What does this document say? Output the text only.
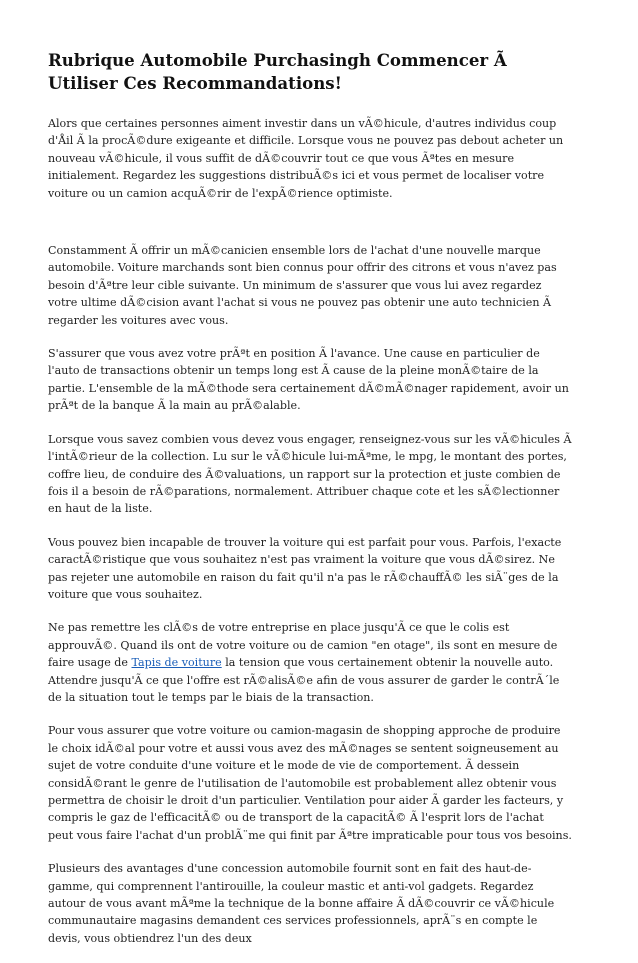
Rubrique Automobile Purchasingh Commencer Ã Utiliser Ces Recommandations!

Alors que certaines personnes aiment investir dans un vÃ©hicule, d'autres individus coup d'Åil Ã la procÃ©dure exigeante et difficile. Lorsque vous ne pouvez pas debout acheter un nouveau vÃ©hicule, il vous suffit de dÃ©couvrir tout ce que vous Ãªtes en mesure initialement. Regardez les suggestions distribuÃ©s ici et vous permet de localiser votre voiture ou un camion acquÃ©rir de l'expÃ©rience optimiste.

Constamment Ã offrir un mÃ©canicien ensemble lors de l'achat d'une nouvelle marque automobile. Voiture marchands sont bien connus pour offrir des citrons et vous n'avez pas besoin d'Ãªtre leur cible suivante. Un minimum de s'assurer que vous lui avez regardez votre ultime dÃ©cision avant l'achat si vous ne pouvez pas obtenir une auto technicien Ã regarder les voitures avec vous.

S'assurer que vous avez votre prÃªt en position Ã l'avance. Une cause en particulier de l'auto de transactions obtenir un temps long est Ã cause de la pleine monÃ©taire de la partie. L'ensemble de la mÃ©thode sera certainement dÃ©mÃ©nager rapidement, avoir un prÃªt de la banque Ã la main au prÃ©alable.

Lorsque vous savez combien vous devez vous engager, renseignez-vous sur les vÃ©hicules Ã l'intÃ©rieur de la collection. Lu sur le vÃ©hicule lui-mÃªme, le mpg, le montant des portes, coffre lieu, de conduire des Ã©valuations, un rapport sur la protection et juste combien de fois il a besoin de rÃ©parations, normalement. Attribuer chaque cote et les sÃ©lectionner en haut de la liste.

Vous pouvez bien incapable de trouver la voiture qui est parfait pour vous. Parfois, l'exacte caractÃ©ristique que vous souhaitez n'est pas vraiment la voiture que vous dÃ©sirez. Ne pas rejeter une automobile en raison du fait qu'il n'a pas le rÃ©chauffÃ© les siÃ¨ges de la voiture que vous souhaitez.

Ne pas remettre les clÃ©s de votre entreprise en place jusqu'Ã ce que le colis est approuvÃ©. Quand ils ont de votre voiture ou de camion "en otage", ils sont en mesure de faire usage de Tapis de voiture la tension que vous certainement obtenir la nouvelle auto. Attendre jusqu'Ã ce que l'offre est rÃ©alisÃ©e afin de vous assurer de garder le contrÃ´le de la situation tout le temps par le biais de la transaction.

Pour vous assurer que votre voiture ou camion-magasin de shopping approche de produire le choix idÃ©al pour votre et aussi vous avez des mÃ©nages se sentent soigneusement au sujet de votre conduite d'une voiture et le mode de vie de comportement. Ã dessein considÃ©rant le genre de l'utilisation de l'automobile est probablement allez obtenir vous permettra de choisir le droit d'un particulier. Ventilation pour aider Ã garder les facteurs, y compris le gaz de l'efficacitÃ© ou de transport de la capacitÃ© Ã l'esprit lors de l'achat peut vous faire l'achat d'un problÃ¨me qui finit par Ãªtre impraticable pour tous vos besoins.

Plusieurs des avantages d'une concession automobile fournit sont en fait des haut-de-gamme, qui comprennent l'antirouille, la couleur mastic et anti-vol gadgets. Regardez autour de vous avant mÃªme la technique de la bonne affaire Ã dÃ©couvrir ce vÃ©hicule communautaire magasins demandent ces services professionnels, aprÃ¨s en compte le devis, vous obtiendrez l'un des deux
